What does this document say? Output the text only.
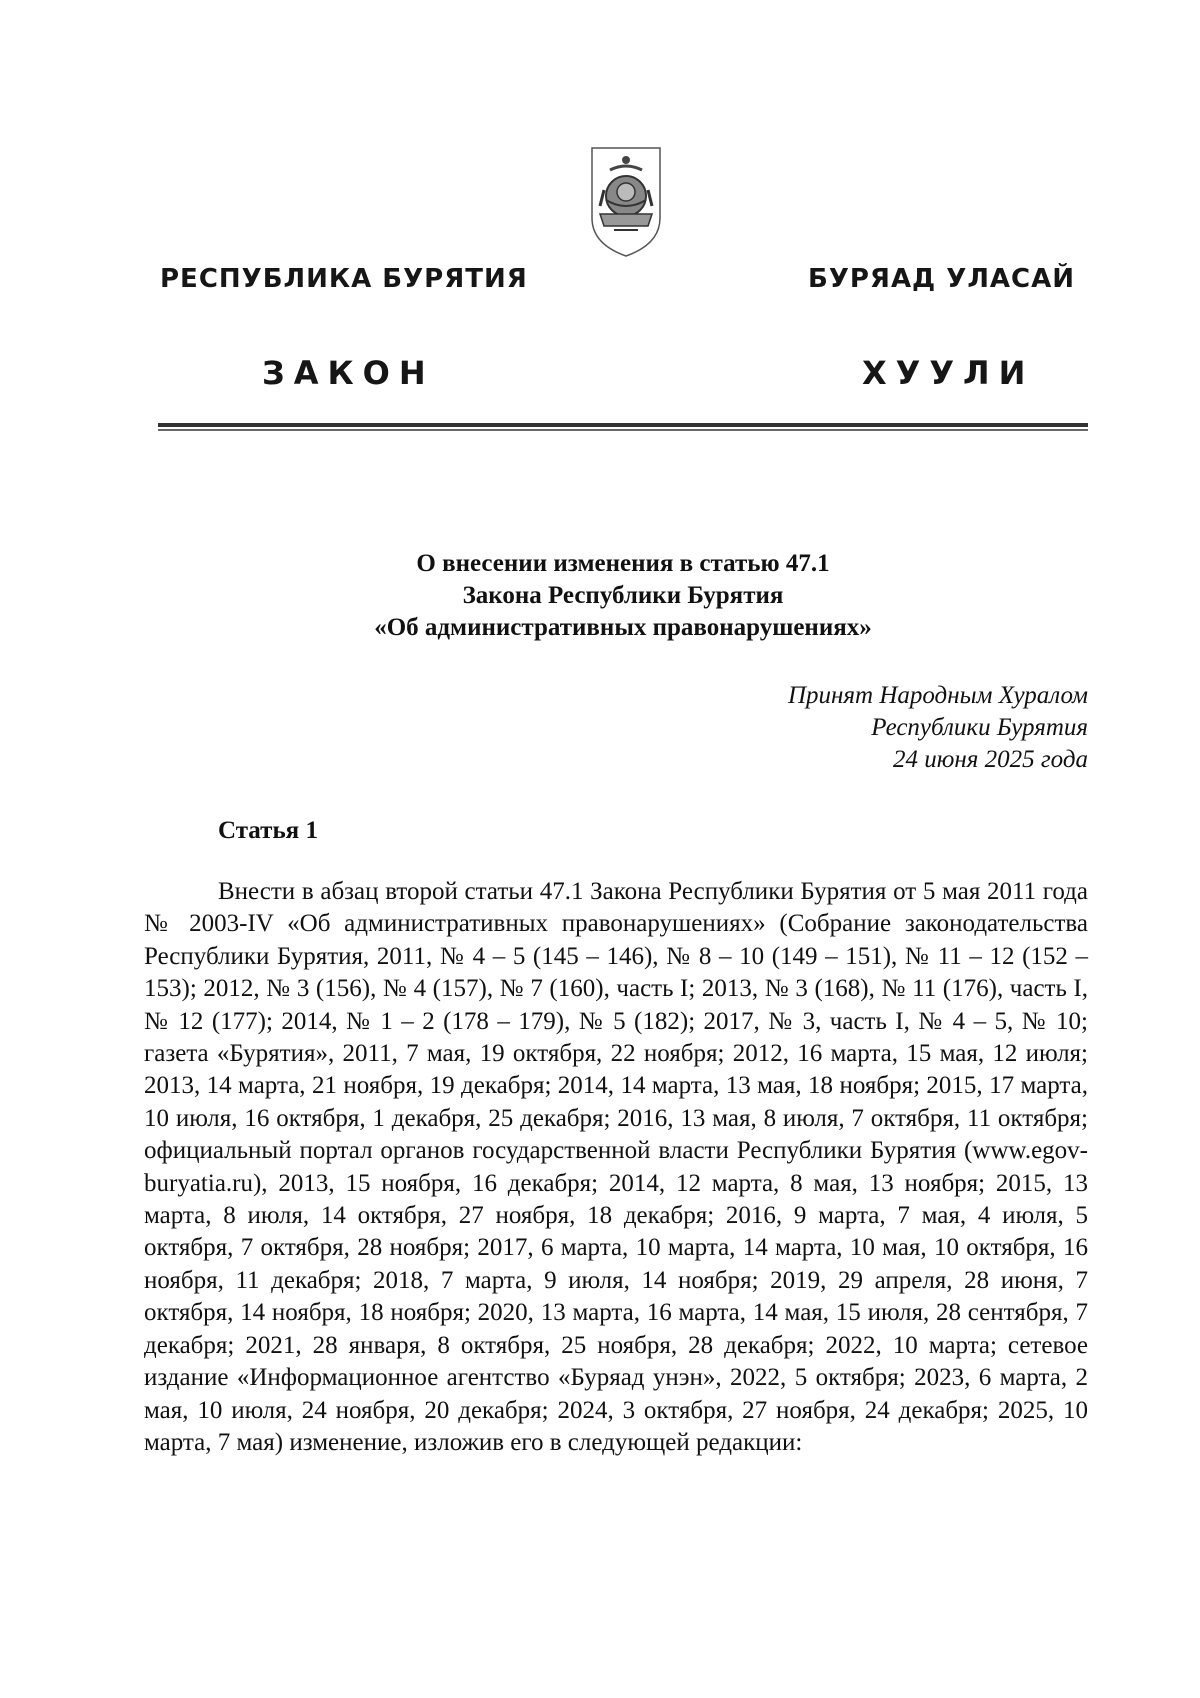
РЕСПУБЛИКА БУРЯТИЯ	БУРЯАД УЛАСАЙ
ЗАКОН	ХУУЛИ
О внесении изменения в статью 47.1
Закона Республики Бурятия
«Об административных правонарушениях»
Принят Народным Хуралом
Республики Бурятия
24 июня 2025 года
Статья 1

Внести в абзац второй статьи 47.1 Закона Республики Бурятия от 5 мая 2011 года № 2003-IV «Об административных правонарушениях» (Собрание законодательства Республики Бурятия, 2011, № 4 – 5 (145 – 146), № 8 – 10 (149 – 151), № 11 – 12 (152 – 153); 2012, № 3 (156), № 4 (157), № 7 (160), часть I; 2013, № 3 (168), № 11 (176), часть I, № 12 (177); 2014, № 1 – 2 (178 – 179), № 5 (182); 2017, № 3, часть I, № 4 – 5, № 10; газета «Бурятия», 2011, 7 мая, 19 октября, 22 ноября; 2012, 16 марта, 15 мая, 12 июля; 2013, 14 марта, 21 ноября, 19 декабря; 2014, 14 марта, 13 мая, 18 ноября; 2015, 17 марта, 10 июля, 16 октября, 1 декабря, 25 декабря; 2016, 13 мая, 8 июля, 7 октября, 11 октября; официальный портал органов государственной власти Республики Бурятия (www.egov-buryatia.ru), 2013, 15 ноября, 16 декабря; 2014, 12 марта, 8 мая, 13 ноября; 2015, 13 марта, 8 июля, 14 октября, 27 ноября, 18 декабря; 2016, 9 марта, 7 мая, 4 июля, 5 октября, 7 октября, 28 ноября; 2017, 6 марта, 10 марта, 14 марта, 10 мая, 10 октября, 16 ноября, 11 декабря; 2018, 7 марта, 9 июля, 14 ноября; 2019, 29 апреля, 28 июня, 7 октября, 14 ноября, 18 ноября; 2020, 13 марта, 16 марта, 14 мая, 15 июля, 28 сентября, 7 декабря; 2021, 28 января, 8 октября, 25 ноября, 28 декабря; 2022, 10 марта; сетевое издание «Информационное агентство «Буряад унэн», 2022, 5 октября; 2023, 6 марта, 2 мая, 10 июля, 24 ноября, 20 декабря; 2024, 3 октября, 27 ноября, 24 декабря; 2025, 10 марта, 7 мая) изменение, изложив его в следующей редакции:
